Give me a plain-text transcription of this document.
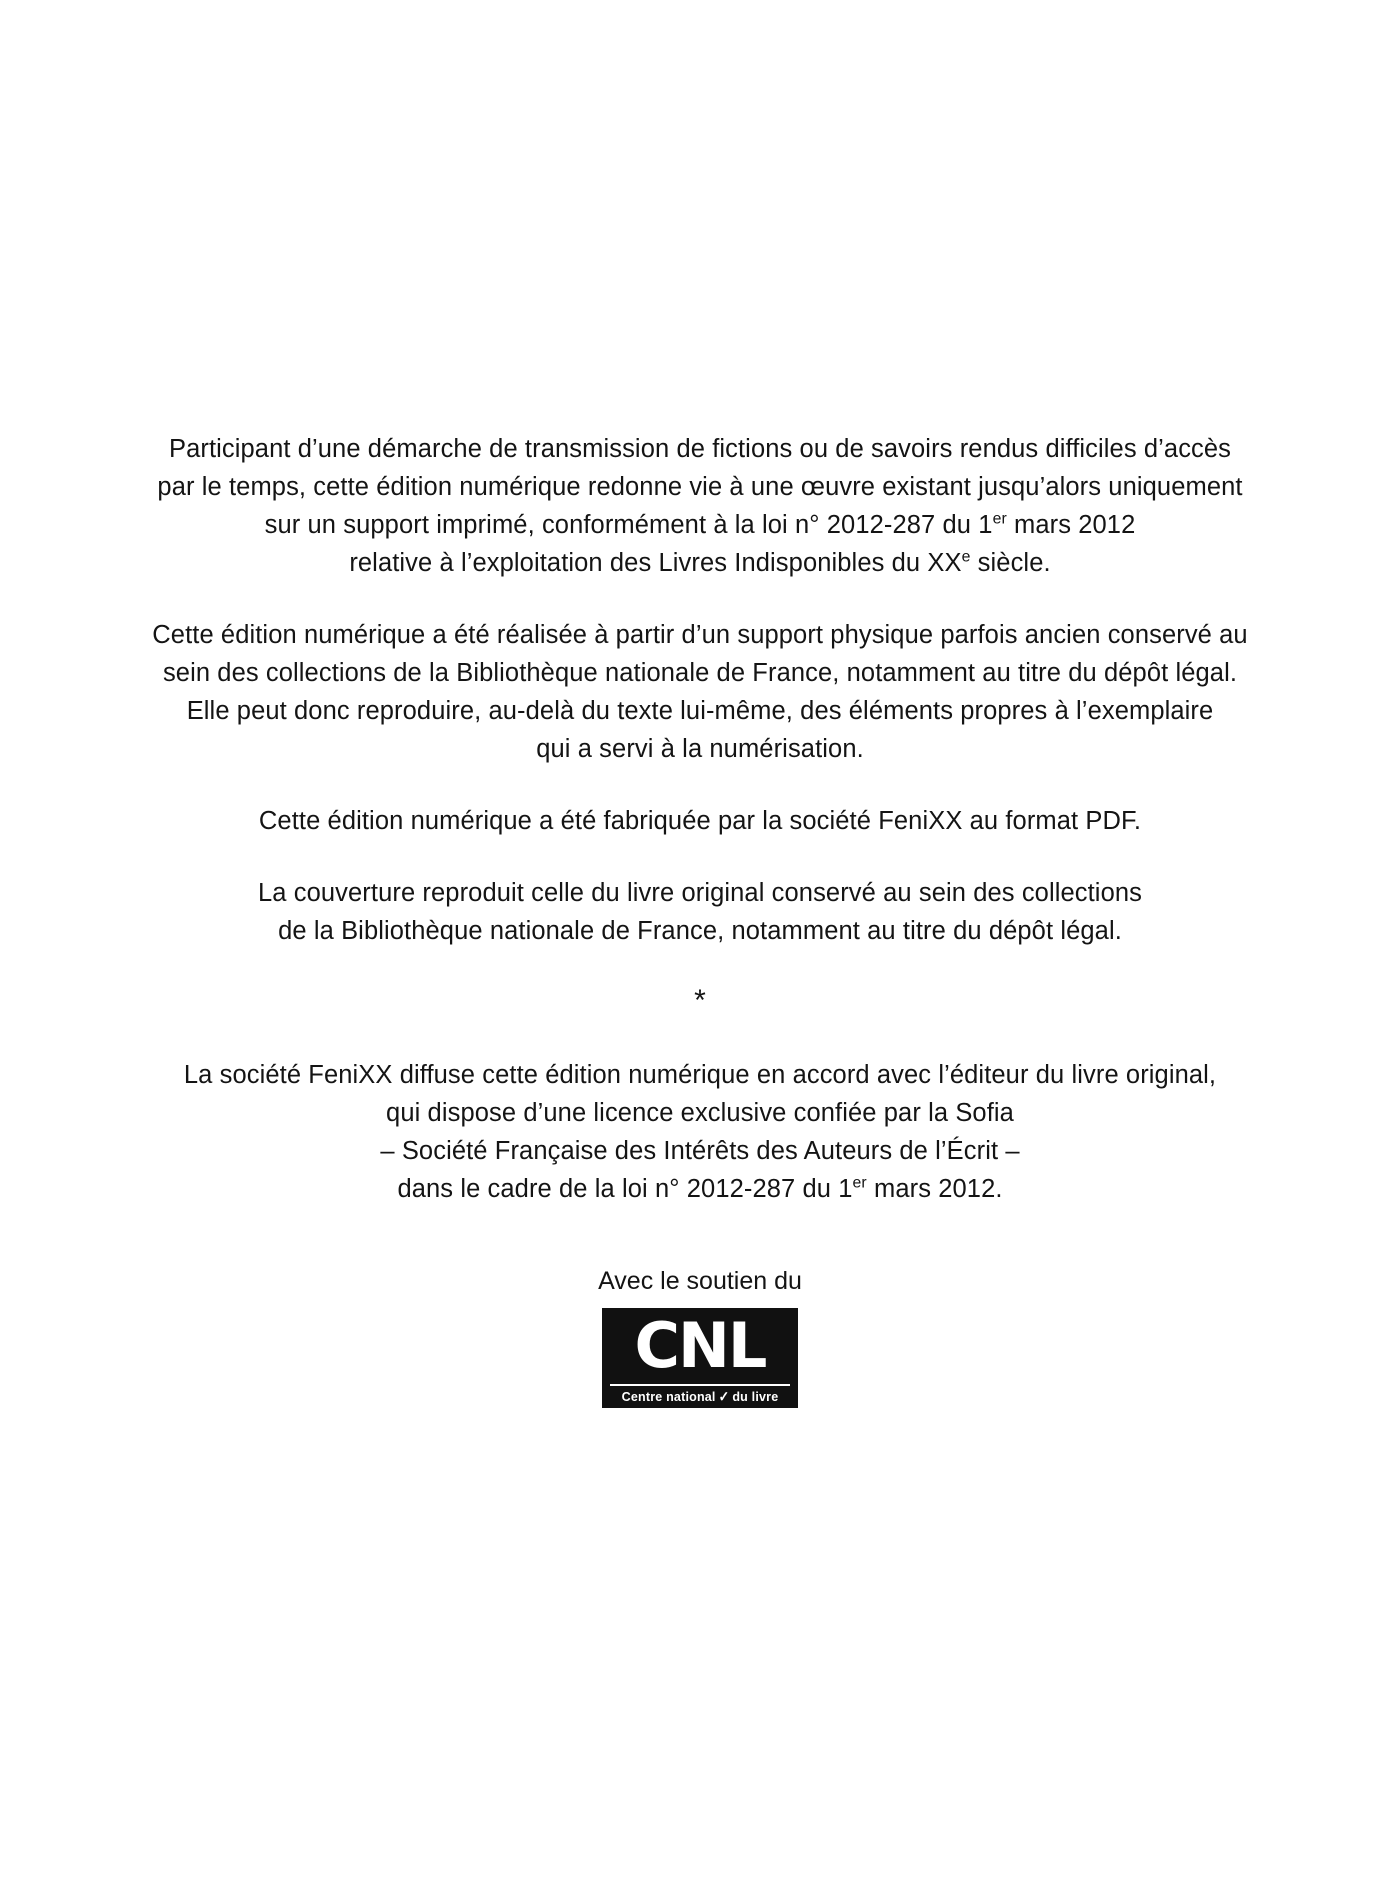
Participant d’une démarche de transmission de fictions ou de savoirs rendus difficiles d’accès
par le temps, cette édition numérique redonne vie à une œuvre existant jusqu’alors uniquement
sur un support imprimé, conformément à la loi n° 2012-287 du 1er mars 2012
relative à l’exploitation des Livres Indisponibles du XXe siècle.

Cette édition numérique a été réalisée à partir d’un support physique parfois ancien conservé au
sein des collections de la Bibliothèque nationale de France, notamment au titre du dépôt légal.
Elle peut donc reproduire, au-delà du texte lui-même, des éléments propres à l’exemplaire
qui a servi à la numérisation.

Cette édition numérique a été fabriquée par la société FeniXX au format PDF.

La couverture reproduit celle du livre original conservé au sein des collections
de la Bibliothèque nationale de France, notamment au titre du dépôt légal.

*

La société FeniXX diffuse cette édition numérique en accord avec l’éditeur du livre original,
qui dispose d’une licence exclusive confiée par la Sofia
– Société Française des Intérêts des Auteurs de l’Écrit –
dans le cadre de la loi n° 2012-287 du 1er mars 2012.

Avec le soutien du
CNL
Centre national ✓ du livre
